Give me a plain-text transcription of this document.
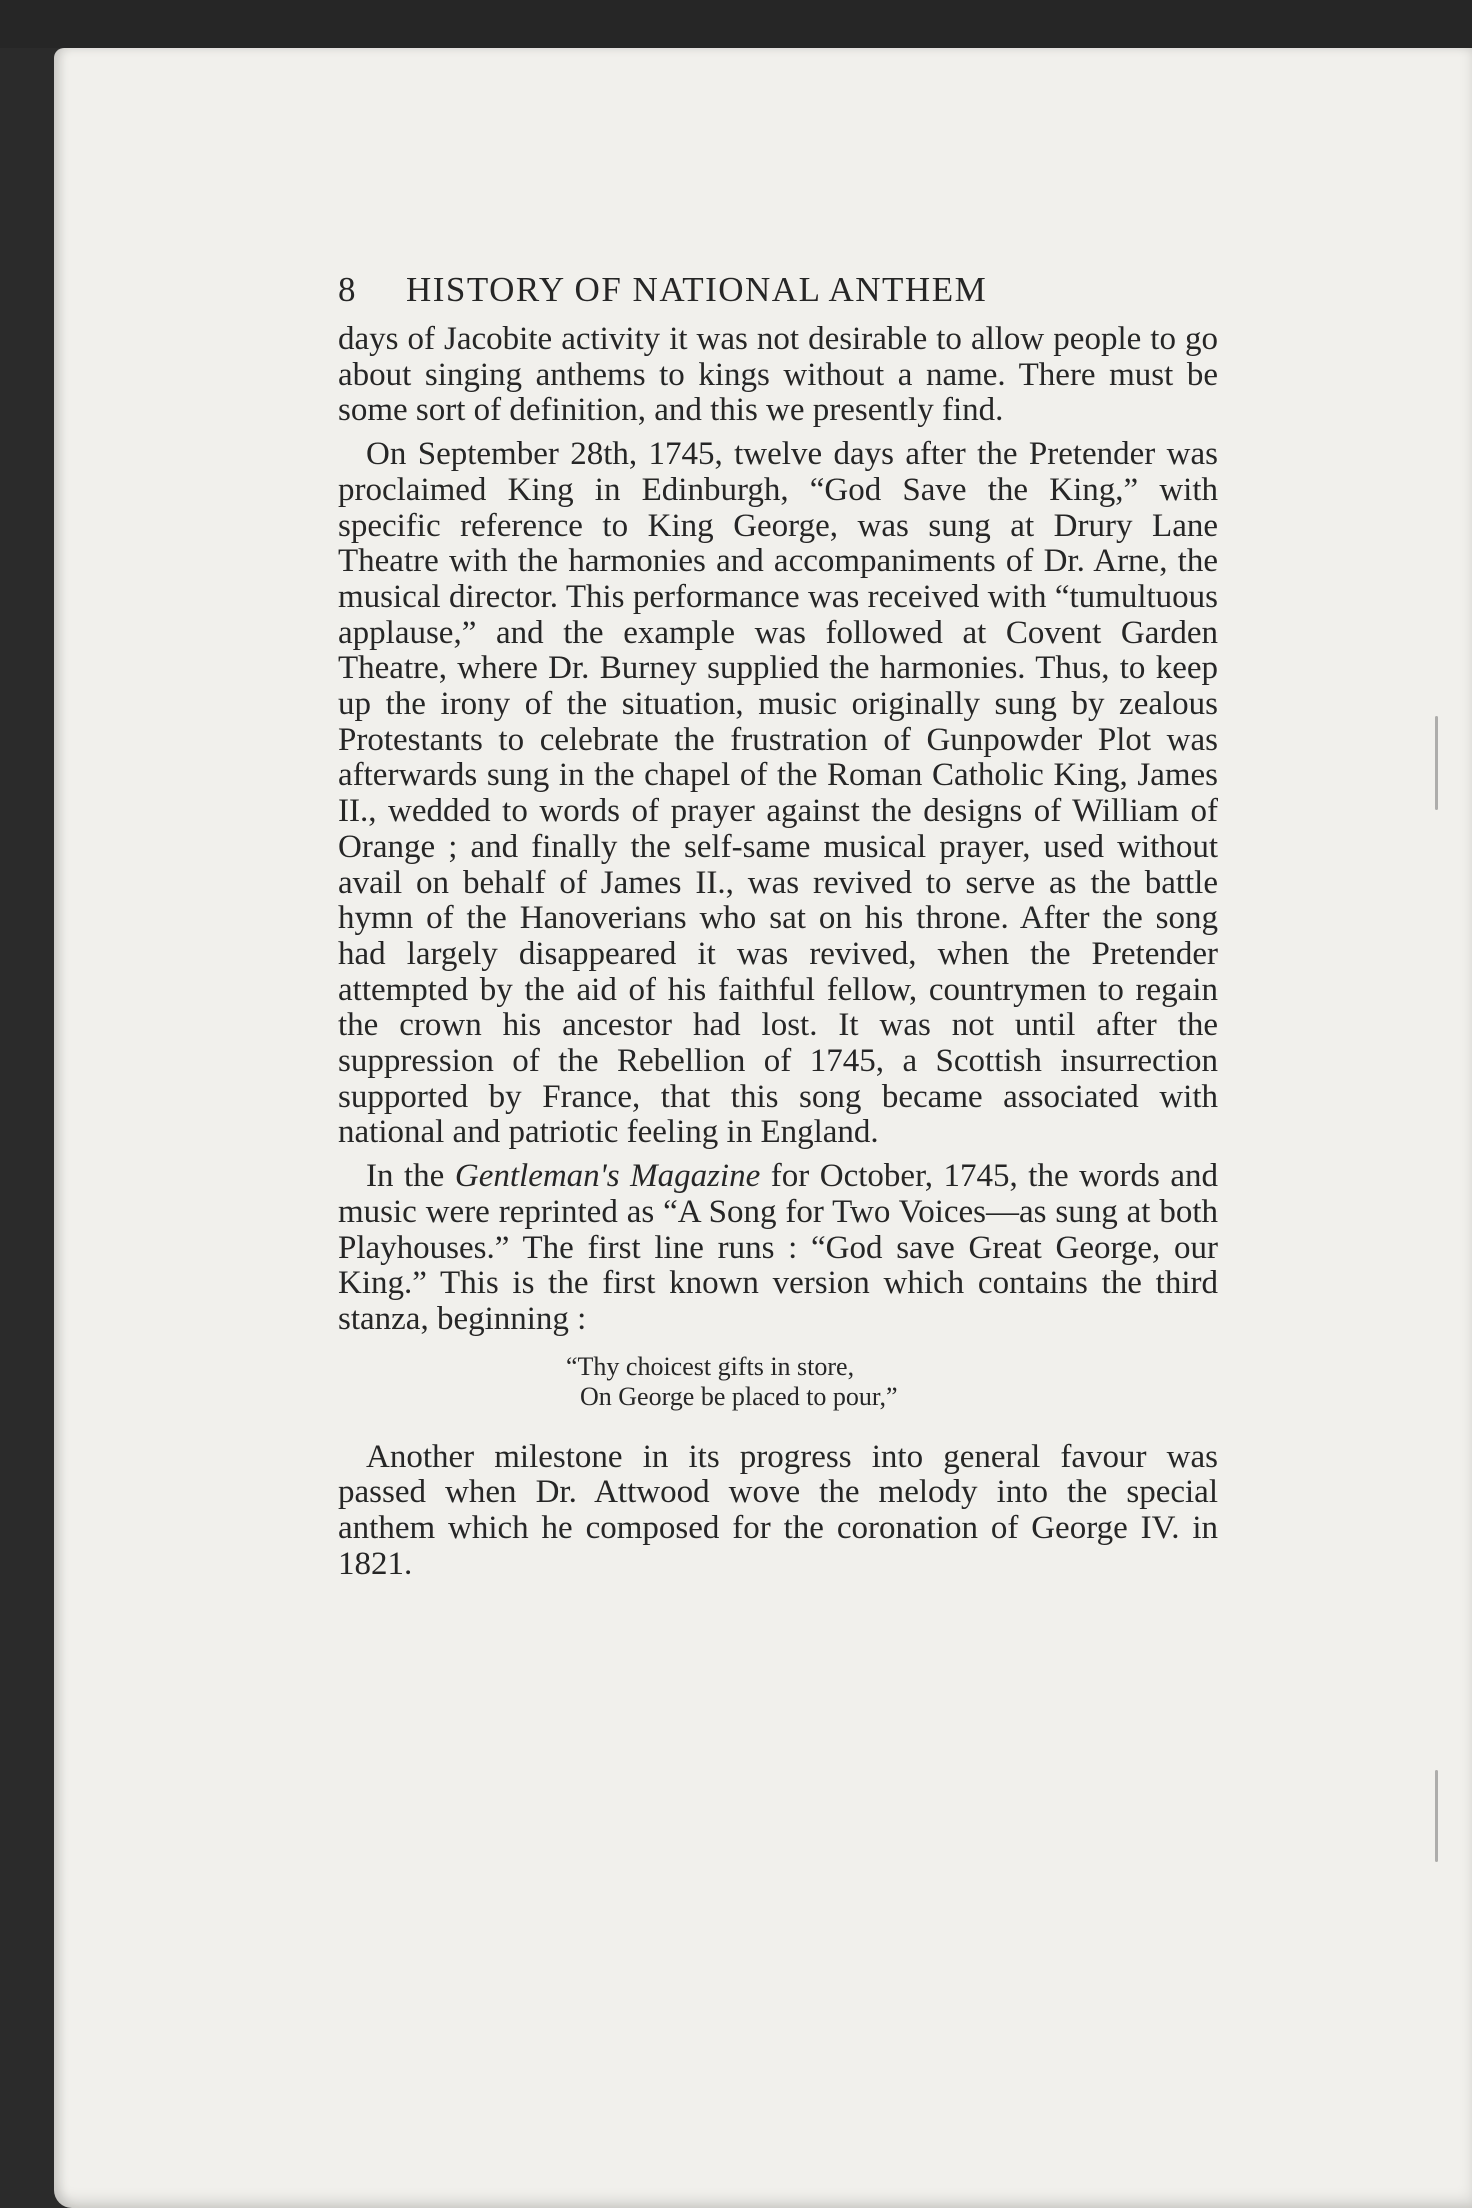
8	HISTORY OF NATIONAL ANTHEM

days of Jacobite activity it was not desirable to allow people to go about singing anthems to kings without a name. There must be some sort of definition, and this we presently find.

On September 28th, 1745, twelve days after the Pretender was proclaimed King in Edinburgh, “God Save the King,” with specific reference to King George, was sung at Drury Lane Theatre with the harmonies and accompaniments of Dr. Arne, the musical director. This performance was received with “tumultuous applause,” and the example was followed at Covent Garden Theatre, where Dr. Burney supplied the harmonies. Thus, to keep up the irony of the situation, music originally sung by zealous Protestants to celebrate the frustration of Gunpowder Plot was afterwards sung in the chapel of the Roman Catholic King, James II., wedded to words of prayer against the designs of William of Orange ; and finally the self-same musical prayer, used without avail on behalf of James II., was revived to serve as the battle hymn of the Hanoverians who sat on his throne. After the song had largely disappeared it was revived, when the Pretender attempted by the aid of his faithful fellow, countrymen to regain the crown his ancestor had lost. It was not until after the suppression of the Rebellion of 1745, a Scottish insurrection supported by France, that this song became associated with national and patriotic feeling in England.

In the Gentleman's Magazine for October, 1745, the words and music were reprinted as “A Song for Two Voices—as sung at both Playhouses.” The first line runs : “God save Great George, our King.” This is the first known version which contains the third stanza, beginning :

“Thy choicest gifts in store,
On George be placed to pour,”

Another milestone in its progress into general favour was passed when Dr. Attwood wove the melody into the special anthem which he composed for the coronation of George IV. in 1821.
